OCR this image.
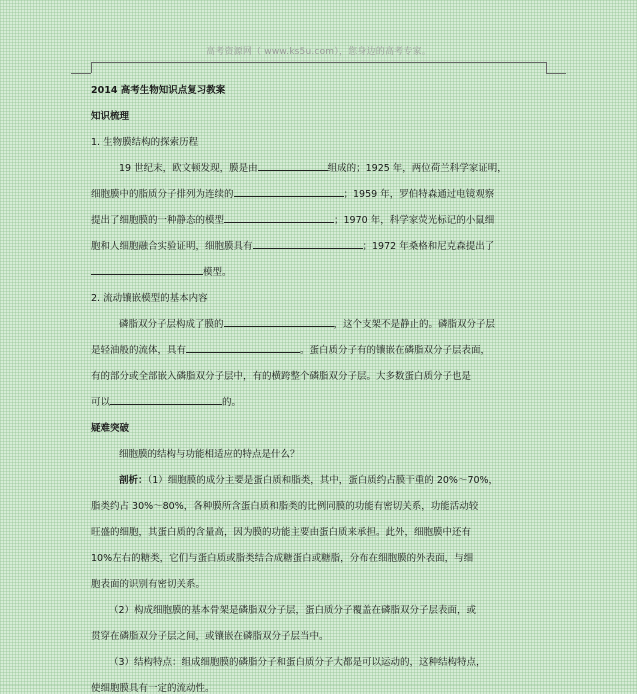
高考资源网（ www.ks5u.com），您身边的高考专家。
2014 高考生物知识点复习教案
知识梳理
1. 生物膜结构的探索历程
19 世纪末，欧文顿发现，膜是由	组成的；1925 年，两位荷兰科学家证明，
细胞膜中的脂质分子排列为连续的	；1959 年，罗伯特森通过电镜观察
提出了细胞膜的一种静态的模型	；1970 年，科学家荧光标记的小鼠细
胞和人细胞融合实验证明，细胞膜具有	；1972 年桑格和尼克森提出了
模型。
2. 流动镶嵌模型的基本内容
磷脂双分子层构成了膜的	，这个支架不是静止的。磷脂双分子层
是轻油般的流体，具有	。蛋白质分子有的镶嵌在磷脂双分子层表面，
有的部分或全部嵌入磷脂双分子层中，有的横跨整个磷脂双分子层。大多数蛋白质分子也是
可以	的。
疑难突破
细胞膜的结构与功能相适应的特点是什么？
剖析：（1）细胞膜的成分主要是蛋白质和脂类，其中，蛋白质约占膜干重的 20%～70%，
脂类约占 30%～80%，各种膜所含蛋白质和脂类的比例同膜的功能有密切关系，功能活动较
旺盛的细胞，其蛋白质的含量高，因为膜的功能主要由蛋白质来承担。此外，细胞膜中还有
10%左右的糖类，它们与蛋白质或脂类结合成糖蛋白或糖脂，分布在细胞膜的外表面，与细
胞表面的识别有密切关系。
（2）构成细胞膜的基本骨架是磷脂双分子层，蛋白质分子覆盖在磷脂双分子层表面，或
贯穿在磷脂双分子层之间，或镶嵌在磷脂双分子层当中。
（3）结构特点：组成细胞膜的磷脂分子和蛋白质分子大都是可以运动的，这种结构特点，
使细胞膜具有一定的流动性。
